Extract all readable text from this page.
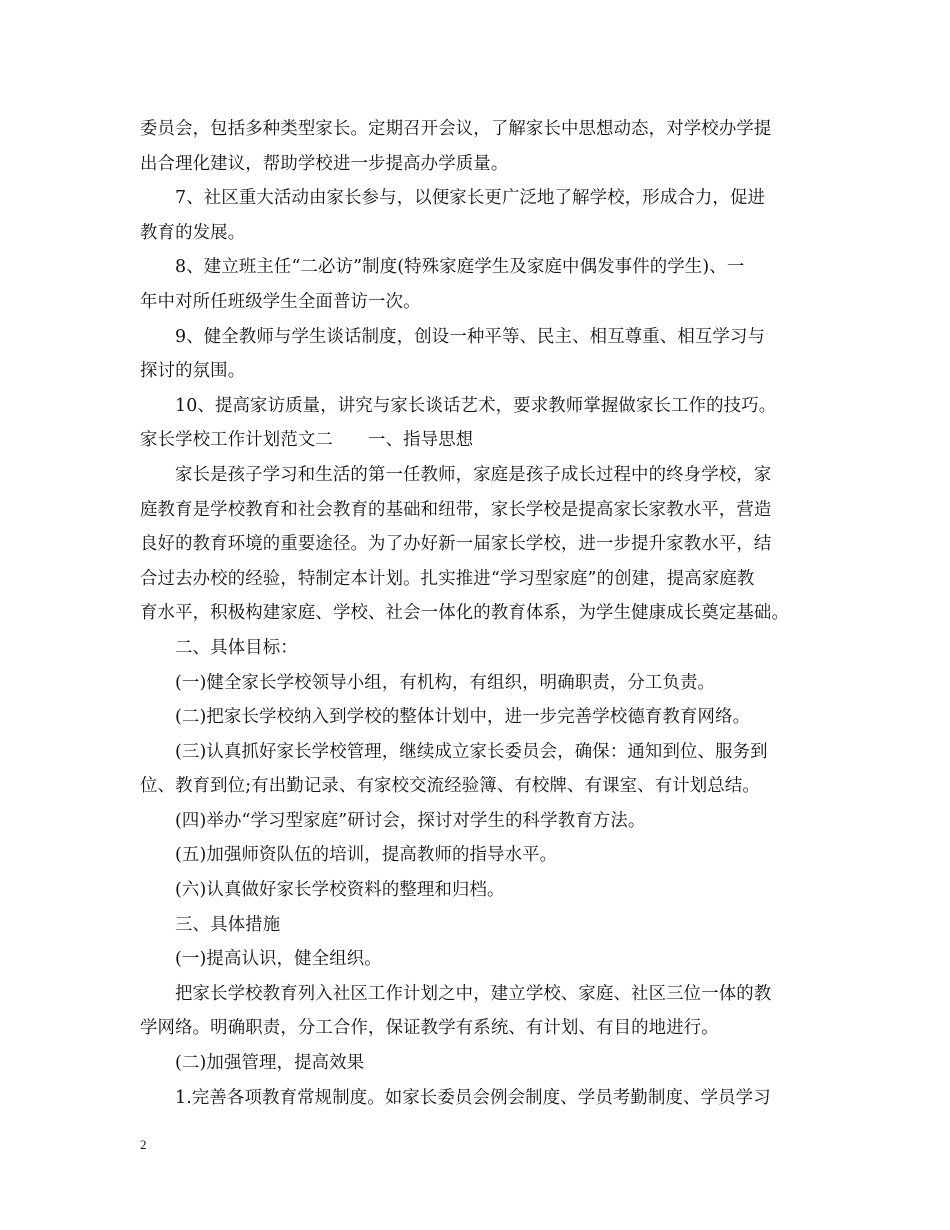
委员会，包括多种类型家长。定期召开会议，了解家长中思想动态，对学校办学提

出合理化建议，帮助学校进一步提高办学质量。

7、社区重大活动由家长参与，以便家长更广泛地了解学校，形成合力，促进

教育的发展。

8、建立班主任“二必访”制度(特殊家庭学生及家庭中偶发事件的学生)、一

年中对所任班级学生全面普访一次。

9、健全教师与学生谈话制度，创设一种平等、民主、相互尊重、相互学习与

探讨的氛围。

10、提高家访质量，讲究与家长谈话艺术，要求教师掌握做家长工作的技巧。

家长学校工作计划范文二　　一、指导思想

家长是孩子学习和生活的第一任教师，家庭是孩子成长过程中的终身学校，家

庭教育是学校教育和社会教育的基础和纽带，家长学校是提高家长家教水平，营造

良好的教育环境的重要途径。为了办好新一届家长学校，进一步提升家教水平，结

合过去办校的经验，特制定本计划。扎实推进“学习型家庭”的创建，提高家庭教

育水平，积极构建家庭、学校、社会一体化的教育体系，为学生健康成长奠定基础。

二、具体目标：

(一)健全家长学校领导小组，有机构，有组织，明确职责，分工负责。

(二)把家长学校纳入到学校的整体计划中，进一步完善学校德育教育网络。

(三)认真抓好家长学校管理，继续成立家长委员会，确保：通知到位、服务到

位、教育到位;有出勤记录、有家校交流经验簿、有校牌、有课室、有计划总结。

(四)举办“学习型家庭”研讨会，探讨对学生的科学教育方法。

(五)加强师资队伍的培训，提高教师的指导水平。

(六)认真做好家长学校资料的整理和归档。

三、具体措施

(一)提高认识，健全组织。

把家长学校教育列入社区工作计划之中，建立学校、家庭、社区三位一体的教

学网络。明确职责，分工合作，保证教学有系统、有计划、有目的地进行。

(二)加强管理，提高效果

1.完善各项教育常规制度。如家长委员会例会制度、学员考勤制度、学员学习

2
